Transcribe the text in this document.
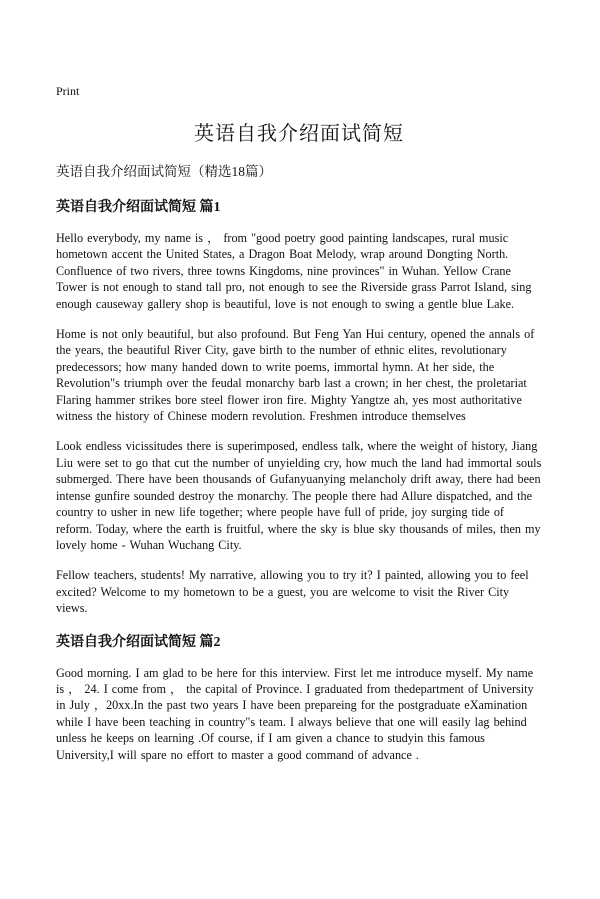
Print
英语自我介绍面试简短
英语自我介绍面试简短（精选18篇）
英语自我介绍面试简短 篇1

Hello everybody, my name is ， from "good poetry good painting landscapes, rural music hometown accent the United States, a Dragon Boat Melody, wrap around Dongting North. Confluence of two rivers, three towns Kingdoms, nine provinces" in Wuhan. Yellow Crane Tower is not enough to stand tall pro, not enough to see the Riverside grass Parrot Island, sing enough causeway gallery shop is beautiful, love is not enough to swing a gentle blue Lake.

Home is not only beautiful, but also profound. But Feng Yan Hui century, opened the annals of the years, the beautiful River City, gave birth to the number of ethnic elites, revolutionary predecessors; how many handed down to write poems, immortal hymn. At her side, the Revolution"s triumph over the feudal monarchy barb last a crown; in her chest, the proletariat Flaring hammer strikes bore steel flower iron fire. Mighty Yangtze ah, yes most authoritative witness the history of Chinese modern revolution. Freshmen introduce themselves

Look endless vicissitudes there is superimposed, endless talk, where the weight of history, Jiang Liu were set to go that cut the number of unyielding cry, how much the land had immortal souls submerged. There have been thousands of Gufanyuanying melancholy drift away, there had been intense gunfire sounded destroy the monarchy. The people there had Allure dispatched, and the country to usher in new life together; where people have full of pride, joy surging tide of reform. Today, where the earth is fruitful, where the sky is blue sky thousands of miles, then my lovely home - Wuhan Wuchang City.

Fellow teachers, students! My narrative, allowing you to try it? I painted, allowing you to feel excited? Welcome to my hometown to be a guest, you are welcome to visit the River City views.

英语自我介绍面试简短 篇2

Good morning. I am glad to be here for this interview. First let me introduce myself. My name is ， 24. I come from ， the capital of Province. I graduated from thedepartment of University in July ，20xx.In the past two years I have been prepareing for the postgraduate eXamination while I have been teaching in country"s team. I always believe that one will easily lag behind unless he keeps on learning .Of course, if I am given a chance to studyin this famous University,I will spare no effort to master a good command of advance .
